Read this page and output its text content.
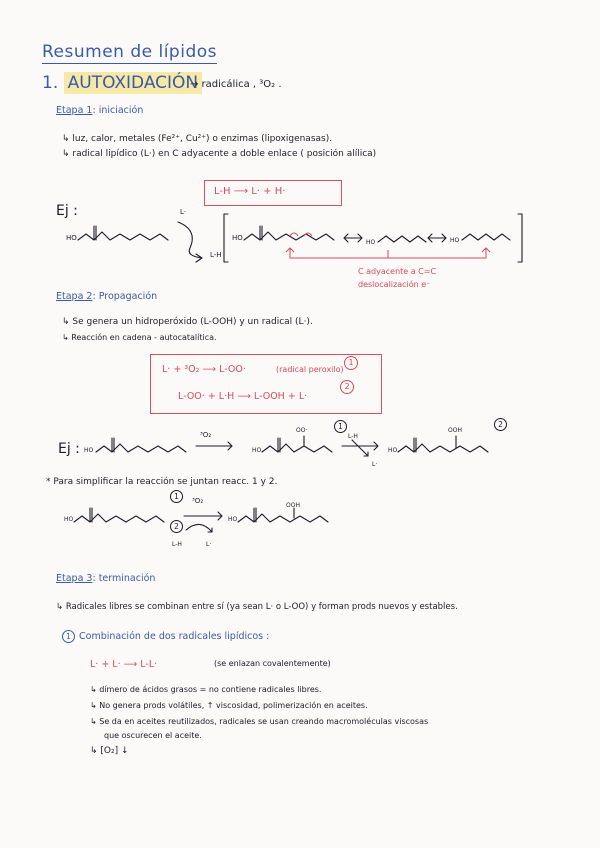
Resumen de lípidos
1. AUTOXIDACIÓN
→ radicálica , ³O₂ .
Etapa 1: iniciación
↳ luz, calor, metales (Fe²⁺, Cu²⁺) o enzimas (lipoxigenasas).
↳ radical lipídico (L·) en C adyacente a doble enlace ( posición alílica)
L-H ⟶ L· + H·
Ej :
HO
L·
L-H
HO
HO	HO
C adyacente a C=C
deslocalización e⁻
Etapa 2: Propagación
↳ Se genera un hidroperóxido (L-OOH) y un radical (L·).
↳ Reacción en cadena - autocatalítica.
L· + ³O₂ ⟶ L-OO·	(radical peroxilo)
L-OO· + L·H ⟶ L-OOH + L·
1
2
Ej : HO	HO	HO
³O₂
OO·	OOH
L-H
L·
1	2
* Para simplificar la reacción se juntan reacc. 1 y 2.
HO	HO
OOH
³O₂
L-H	L·
1
2
Etapa 3: terminación
↳ Radicales libres se combinan entre sí (ya sean L· o L-OO) y forman prods nuevos y estables.
1 Combinación de dos radicales lipídicos :
L· + L· ⟶ L-L·	(se enlazan covalentemente)
↳ dímero de ácidos grasos = no contiene radicales libres.
↳ No genera prods volátiles, ↑ viscosidad, polimerización en aceites.
↳ Se da en aceites reutilizados, radicales se usan creando macromoléculas viscosas
que oscurecen el aceite.
↳ [O₂] ↓
